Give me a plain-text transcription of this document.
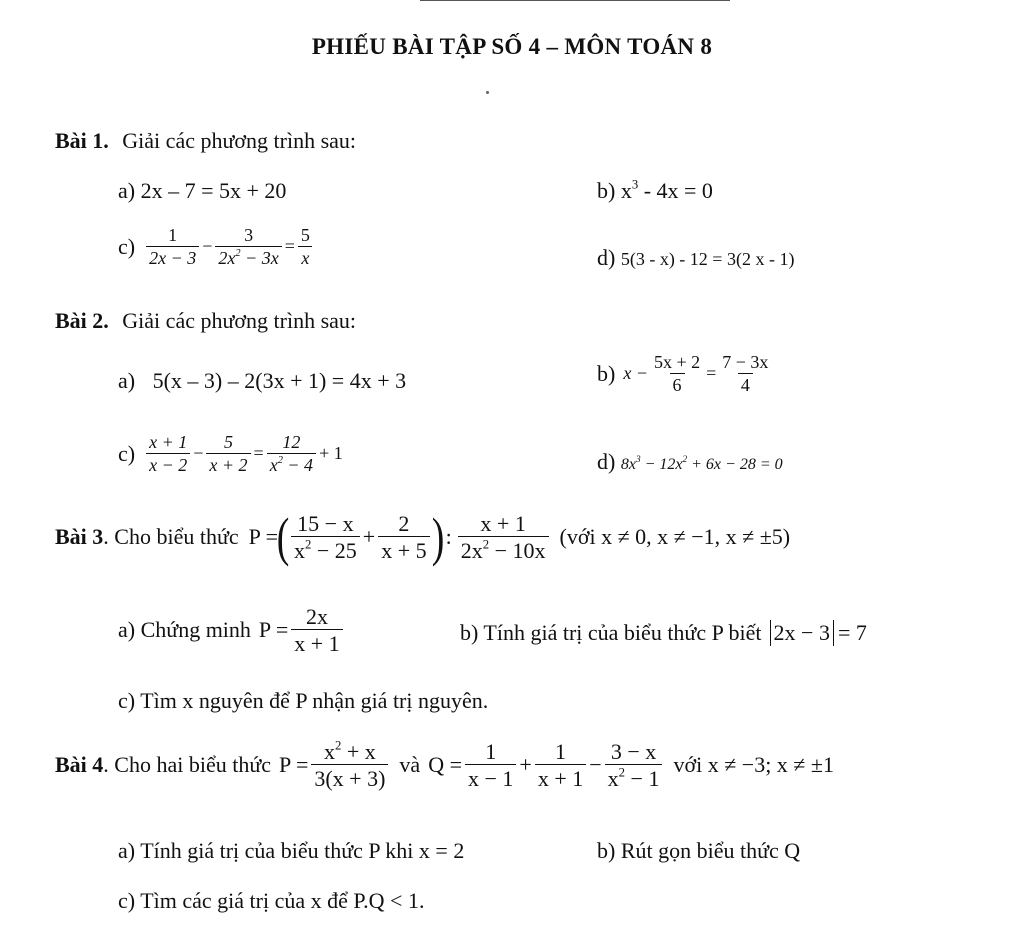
PHIẾU BÀI TẬP SỐ 4 – MÔN TOÁN 8
Bài 1. Giải các phương trình sau:
a) 2x – 7 = 5x + 20	b) $x^3 - 4x = 0$
$c) \frac{1}{2x - 3} - \frac{3}{2x^2 - 3x} = \frac{5}{x}$	d) 5(3 - x) - 12 = 3(2 x - 1)
Bài 2. Giải các phương trình sau:
a) 5(x – 3) – 2(3x + 1) = 4x + 3	b) $x - \frac{5x + 2}{6} = \frac{7 - 3x}{4}$
$c) \frac{x + 1}{x - 2} - \frac{5}{x + 2} = \frac{12}{x^2 - 4} + 1$	d) $8x^3 - 12x^2 + 6x - 28 = 0$
Bài 3 . Cho biểu thức P =
( $\frac{15 - x}{x^2 - 25} + \frac{2}{x + 5}$ ) : $\frac{x + 1}{2x^2 - 10x}$ (với x ≠ 0, x ≠ −1, x ≠ ±5)
a) Chứng minh $P = \frac{2x}{x + 1}$	b) Tính giá trị của biểu thức P biết 2x − 3 = 7
c) Tìm x nguyên để P nhận giá trị nguyên.
Bài 4 . Cho hai biểu thức $P = \frac{x^2 + x}{3(x + 3)}$ và $Q = \frac{1}{x - 1} + \frac{1}{x + 1} - \frac{3 - x}{x^2 - 1}$ với x ≠ −3; x ≠ ±1
a) Tính giá trị của biểu thức P khi x = 2	b) Rút gọn biểu thức Q
c) Tìm các giá trị của x để P.Q < 1.
